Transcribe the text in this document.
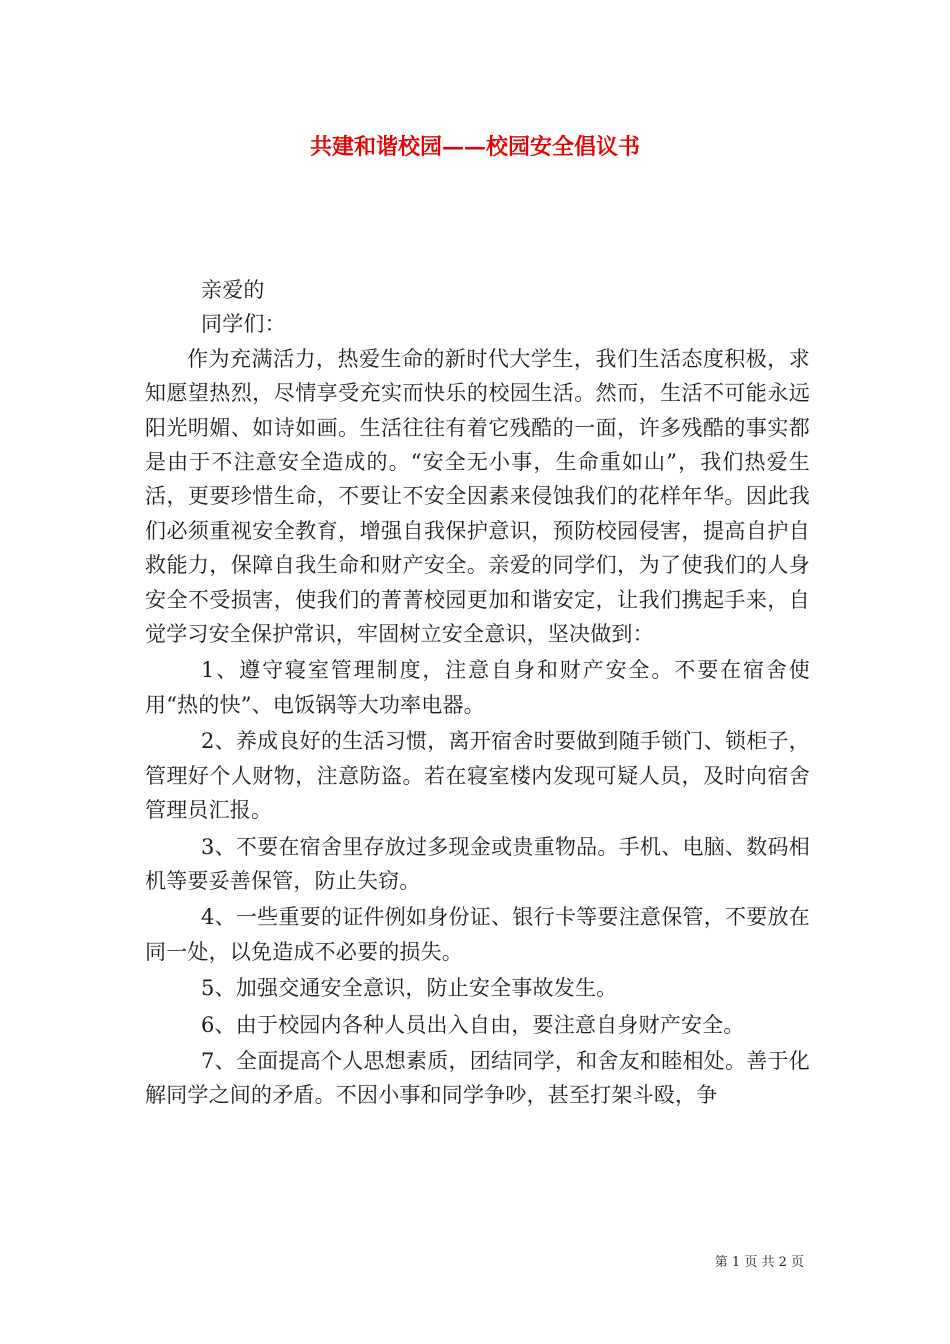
共建和谐校园——校园安全倡议书

亲爱的

同学们：

作为充满活力，热爱生命的新时代大学生，我们生活态度积极，求知愿望热烈，尽情享受充实而快乐的校园生活。然而，生活不可能永远阳光明媚、如诗如画。生活往往有着它残酷的一面，许多残酷的事实都是由于不注意安全造成的。“安全无小事，生命重如山”，我们热爱生活，更要珍惜生命，不要让不安全因素来侵蚀我们的花样年华。因此我们必须重视安全教育，增强自我保护意识，预防校园侵害，提高自护自救能力，保障自我生命和财产安全。亲爱的同学们，为了使我们的人身安全不受损害，使我们的菁菁校园更加和谐安定，让我们携起手来，自觉学习安全保护常识，牢固树立安全意识，坚决做到：

1、遵守寝室管理制度，注意自身和财产安全。不要在宿舍使用“热的快”、电饭锅等大功率电器。

2、养成良好的生活习惯，离开宿舍时要做到随手锁门、锁柜子，管理好个人财物，注意防盗。若在寝室楼内发现可疑人员，及时向宿舍管理员汇报。

3、不要在宿舍里存放过多现金或贵重物品。手机、电脑、数码相机等要妥善保管，防止失窃。

4、一些重要的证件例如身份证、银行卡等要注意保管，不要放在同一处，以免造成不必要的损失。

5、加强交通安全意识，防止安全事故发生。

6、由于校园内各种人员出入自由，要注意自身财产安全。

7、全面提高个人思想素质，团结同学，和舍友和睦相处。善于化解同学之间的矛盾。不因小事和同学争吵，甚至打架斗殴，争

第 1 页 共 2 页
